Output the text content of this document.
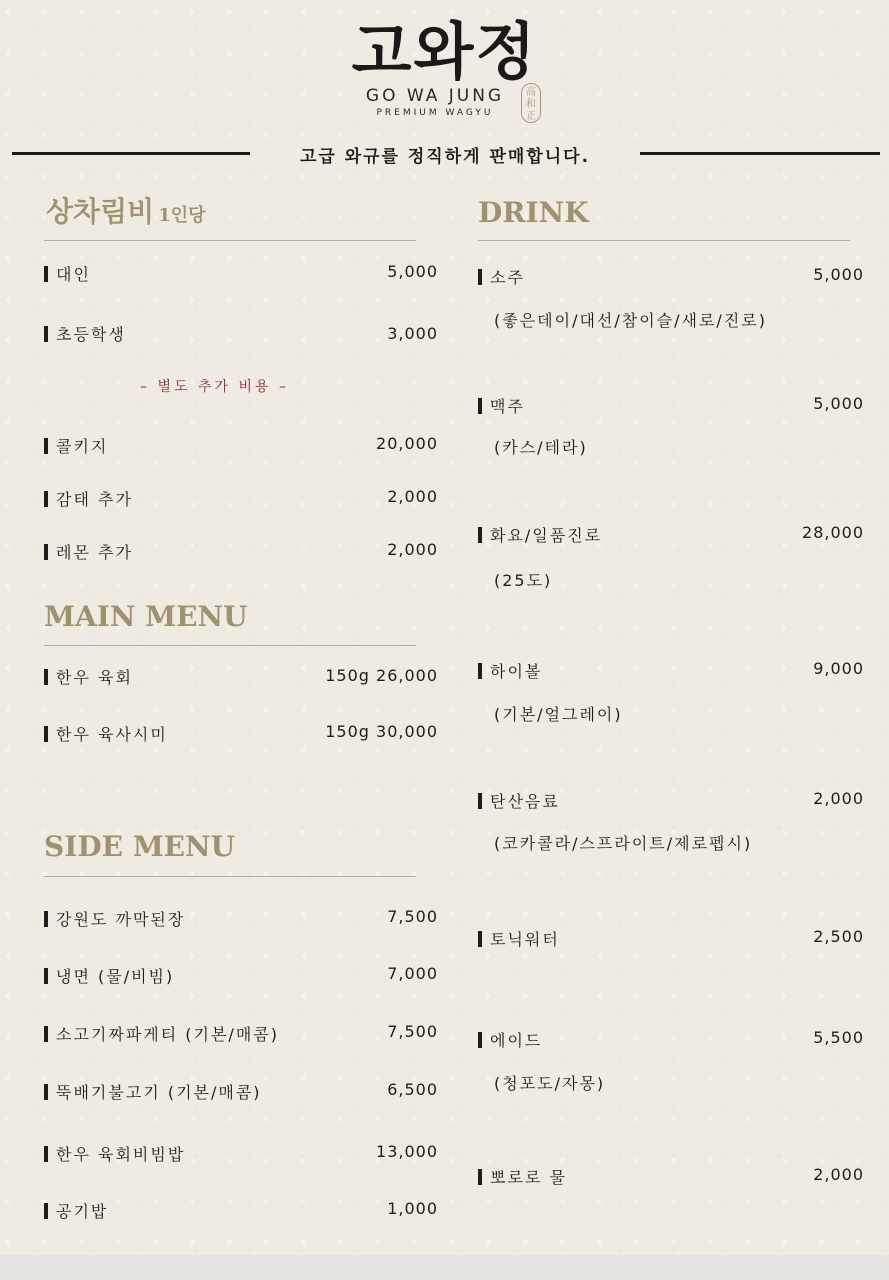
고와정
GO WA JUNG
PREMIUM WAGYU
高和正
고급 와규를 정직하게 판매합니다.
상차림비 1인당
대인	5,000
초등학생	3,000
– 별도 추가 비용 –
콜키지	20,000
감태 추가	2,000
레몬 추가	2,000
MAIN MENU
한우 육회	150g 26,000
한우 육사시미	150g 30,000
SIDE MENU
강원도 까막된장	7,500
냉면 (물/비빔)	7,000
소고기짜파게티 (기본/매콤)	7,500
뚝배기불고기 (기본/매콤)	6,500
한우 육회비빔밥	13,000
공기밥	1,000
DRINK
소주	5,000
(좋은데이/대선/참이슬/새로/진로)
맥주	5,000
(카스/테라)
화요/일품진로	28,000
(25도)
하이볼	9,000
(기본/얼그레이)
탄산음료	2,000
(코카콜라/스프라이트/제로펩시)
토닉워터	2,500
에이드	5,500
(청포도/자몽)
뽀로로 물	2,000
